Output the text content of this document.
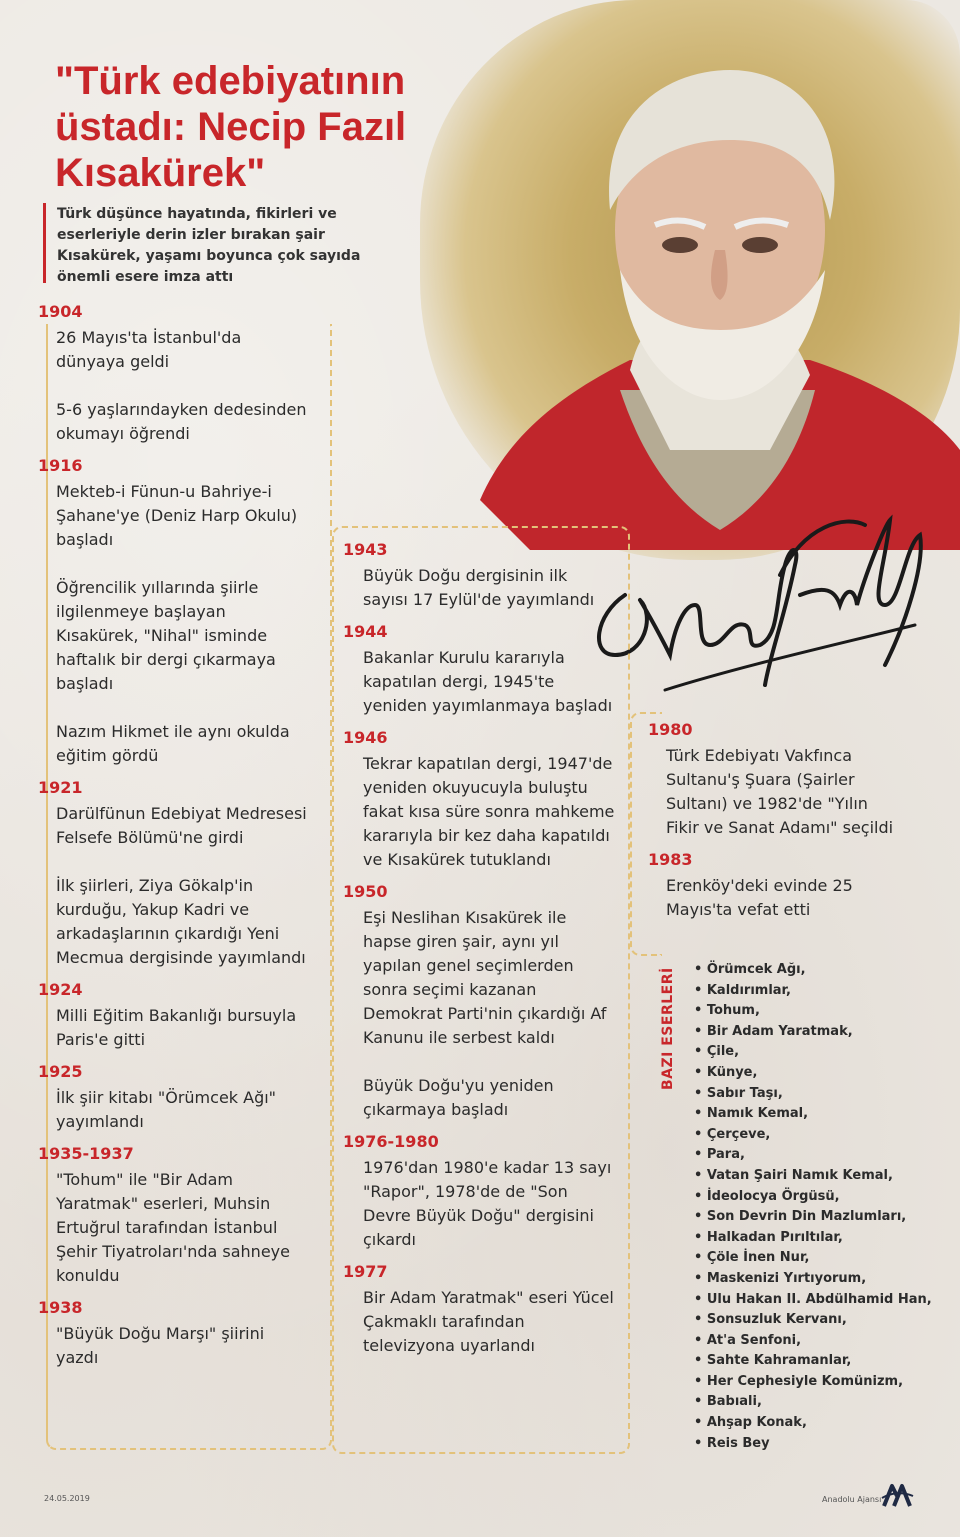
"Türk edebiyatının üstadı: Necip Fazıl Kısakürek"

Türk düşünce hayatında, fikirleri ve eserleriyle derin izler bırakan şair Kısakürek, yaşamı boyunca çok sayıda önemli esere imza attı

1904

26 Mayıs'ta İstanbul'da dünyaya geldi

5-6 yaşlarındayken dedesinden okumayı öğrendi

1916

Mekteb-i Fünun-u Bahriye-i Şahane'ye (Deniz Harp Okulu) başladı

Öğrencilik yıllarında şiirle ilgilenmeye başlayan Kısakürek, "Nihal" isminde haftalık bir dergi çıkarmaya başladı

Nazım Hikmet ile aynı okulda eğitim gördü

1921

Darülfünun Edebiyat Medresesi Felsefe Bölümü'ne girdi

İlk şiirleri, Ziya Gökalp'in kurduğu, Yakup Kadri ve arkadaşlarının çıkardığı Yeni Mecmua dergisinde yayımlandı

1924

Milli Eğitim Bakanlığı bursuyla Paris'e gitti

1925

İlk şiir kitabı "Örümcek Ağı" yayımlandı

1935-1937

"Tohum" ile "Bir Adam Yaratmak" eserleri, Muhsin Ertuğrul tarafından İstanbul Şehir Tiyatroları'nda sahneye konuldu

1938

"Büyük Doğu Marşı" şiirini yazdı

1943

Büyük Doğu dergisinin ilk sayısı 17 Eylül'de yayımlandı

1944

Bakanlar Kurulu kararıyla kapatılan dergi, 1945'te yeniden yayımlanmaya başladı

1946

Tekrar kapatılan dergi, 1947'de yeniden okuyucuyla buluştu fakat kısa süre sonra mahkeme kararıyla bir kez daha kapatıldı ve Kısakürek tutuklandı

1950

Eşi Neslihan Kısakürek ile hapse giren şair, aynı yıl yapılan genel seçimlerden sonra seçimi kazanan Demokrat Parti'nin çıkardığı Af Kanunu ile serbest kaldı

Büyük Doğu'yu yeniden çıkarmaya başladı

1976-1980

1976'dan 1980'e kadar 13 sayı "Rapor", 1978'de de "Son Devre Büyük Doğu" dergisini çıkardı

1977

Bir Adam Yaratmak" eseri Yücel Çakmaklı tarafından televizyona uyarlandı

1980

Türk Edebiyatı Vakfınca Sultanu'ş Şuara (Şairler Sultanı) ve 1982'de "Yılın Fikir ve Sanat Adamı" seçildi

1983

Erenköy'deki evinde 25 Mayıs'ta vefat etti

BAZI ESERLERİ
•	Örümcek Ağı,
• Kaldırımlar,
• Tohum,
• Bir Adam Yaratmak,
• Çile,
• Künye,
• Sabır Taşı,
• Namık Kemal,
• Çerçeve,
• Para,
• Vatan Şairi Namık Kemal,
• İdeolocya Örgüsü,
• Son Devrin Din Mazlumları,
• Halkadan Pırıltılar,
• Çöle İnen Nur,
• Maskenizi Yırtıyorum,
• Ulu Hakan II. Abdülhamid Han,
• Sonsuzluk Kervanı,
• At'a Senfoni,
• Sahte Kahramanlar,
• Her Cephesiyle Komünizm,
• Babıali,
• Ahşap Konak,
• Reis Bey
24.05.2019	Anadolu Ajansı
